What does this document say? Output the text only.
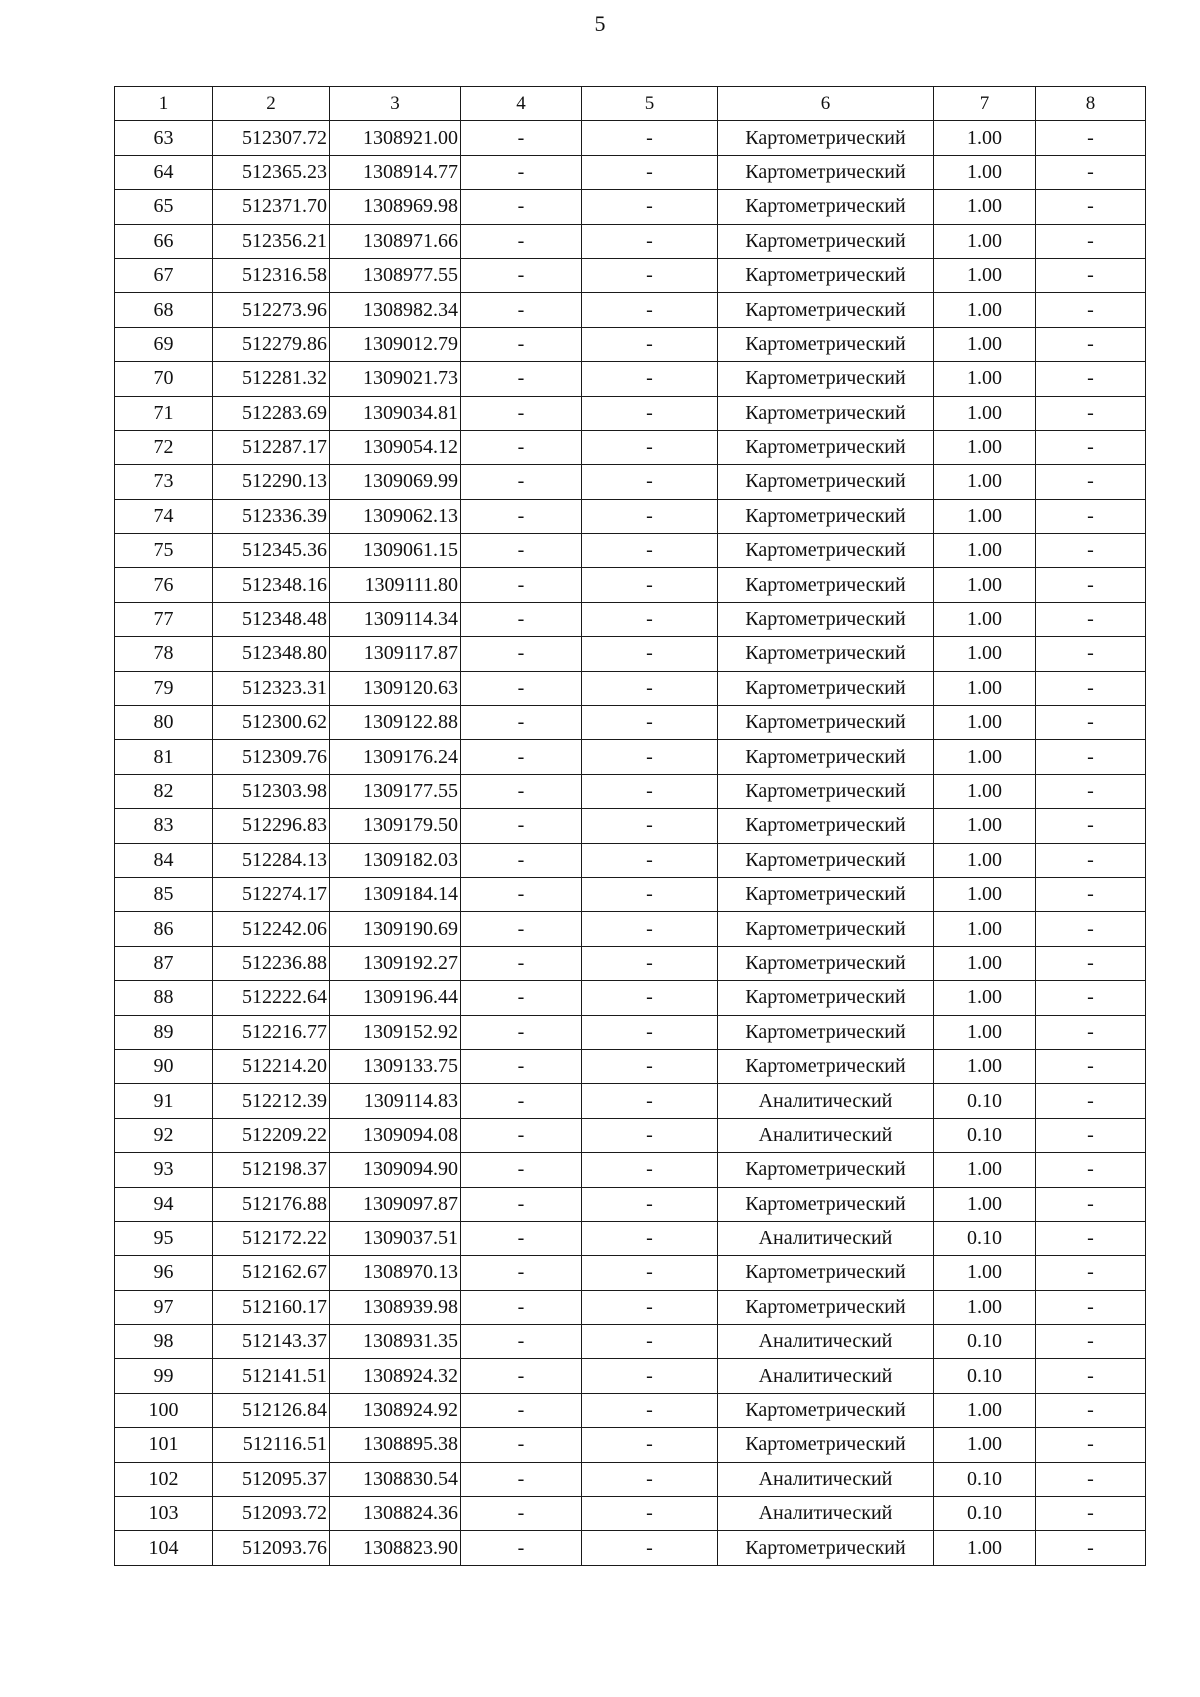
5
1	2	3	4	5	6	7	8
63	512307.72	1308921.00	-	-	Картометрический	1.00	-
64	512365.23	1308914.77	-	-	Картометрический	1.00	-
65	512371.70	1308969.98	-	-	Картометрический	1.00	-
66	512356.21	1308971.66	-	-	Картометрический	1.00	-
67	512316.58	1308977.55	-	-	Картометрический	1.00	-
68	512273.96	1308982.34	-	-	Картометрический	1.00	-
69	512279.86	1309012.79	-	-	Картометрический	1.00	-
70	512281.32	1309021.73	-	-	Картометрический	1.00	-
71	512283.69	1309034.81	-	-	Картометрический	1.00	-
72	512287.17	1309054.12	-	-	Картометрический	1.00	-
73	512290.13	1309069.99	-	-	Картометрический	1.00	-
74	512336.39	1309062.13	-	-	Картометрический	1.00	-
75	512345.36	1309061.15	-	-	Картометрический	1.00	-
76	512348.16	1309111.80	-	-	Картометрический	1.00	-
77	512348.48	1309114.34	-	-	Картометрический	1.00	-
78	512348.80	1309117.87	-	-	Картометрический	1.00	-
79	512323.31	1309120.63	-	-	Картометрический	1.00	-
80	512300.62	1309122.88	-	-	Картометрический	1.00	-
81	512309.76	1309176.24	-	-	Картометрический	1.00	-
82	512303.98	1309177.55	-	-	Картометрический	1.00	-
83	512296.83	1309179.50	-	-	Картометрический	1.00	-
84	512284.13	1309182.03	-	-	Картометрический	1.00	-
85	512274.17	1309184.14	-	-	Картометрический	1.00	-
86	512242.06	1309190.69	-	-	Картометрический	1.00	-
87	512236.88	1309192.27	-	-	Картометрический	1.00	-
88	512222.64	1309196.44	-	-	Картометрический	1.00	-
89	512216.77	1309152.92	-	-	Картометрический	1.00	-
90	512214.20	1309133.75	-	-	Картометрический	1.00	-
91	512212.39	1309114.83	-	-	Аналитический	0.10	-
92	512209.22	1309094.08	-	-	Аналитический	0.10	-
93	512198.37	1309094.90	-	-	Картометрический	1.00	-
94	512176.88	1309097.87	-	-	Картометрический	1.00	-
95	512172.22	1309037.51	-	-	Аналитический	0.10	-
96	512162.67	1308970.13	-	-	Картометрический	1.00	-
97	512160.17	1308939.98	-	-	Картометрический	1.00	-
98	512143.37	1308931.35	-	-	Аналитический	0.10	-
99	512141.51	1308924.32	-	-	Аналитический	0.10	-
100	512126.84	1308924.92	-	-	Картометрический	1.00	-
101	512116.51	1308895.38	-	-	Картометрический	1.00	-
102	512095.37	1308830.54	-	-	Аналитический	0.10	-
103	512093.72	1308824.36	-	-	Аналитический	0.10	-
104	512093.76	1308823.90	-	-	Картометрический	1.00	-
